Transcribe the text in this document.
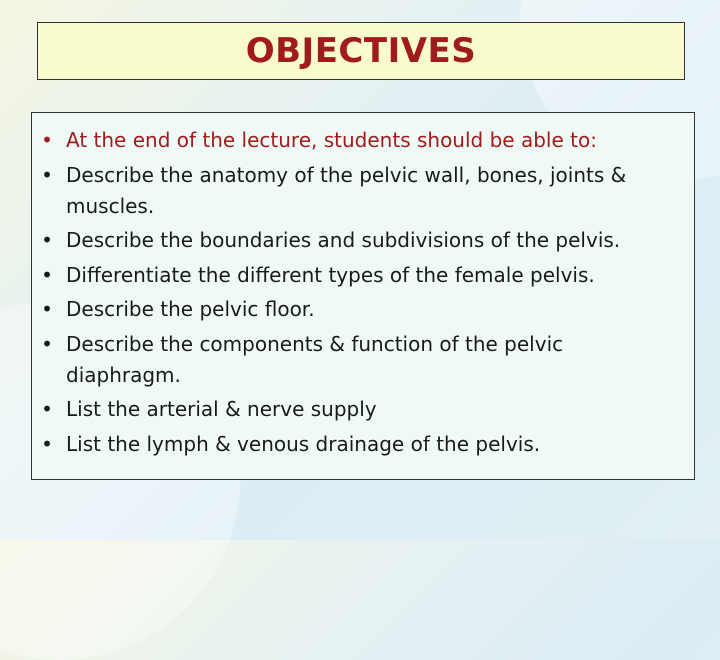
OBJECTIVES
• At the end of the lecture, students should be able to:
• Describe the anatomy of the pelvic wall, bones, joints & muscles.
• Describe the boundaries and subdivisions of the pelvis.
• Differentiate the different types of the female pelvis.
• Describe the pelvic floor.
• Describe the components & function of the pelvic diaphragm.
• List the arterial & nerve supply
• List the lymph & venous drainage of the pelvis.
